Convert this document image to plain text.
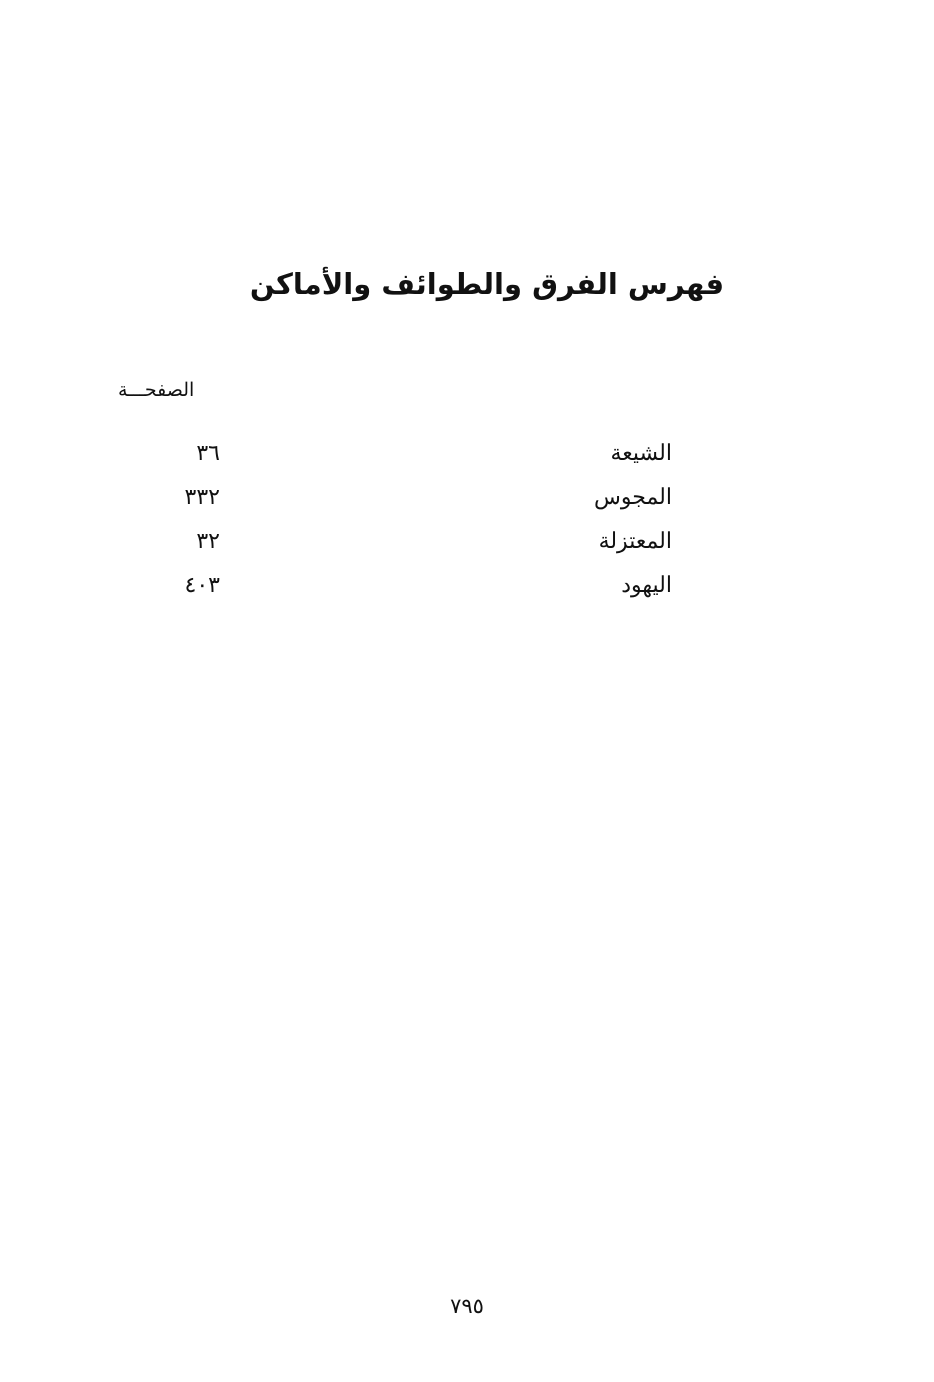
فهرس الفرق والطوائف والأماكن
الصفحـــة
الشيعة
٣٦
المجوس
٣٣٢
المعتزلة
٣٢
اليهود
٤٠٣
٧٩٥
